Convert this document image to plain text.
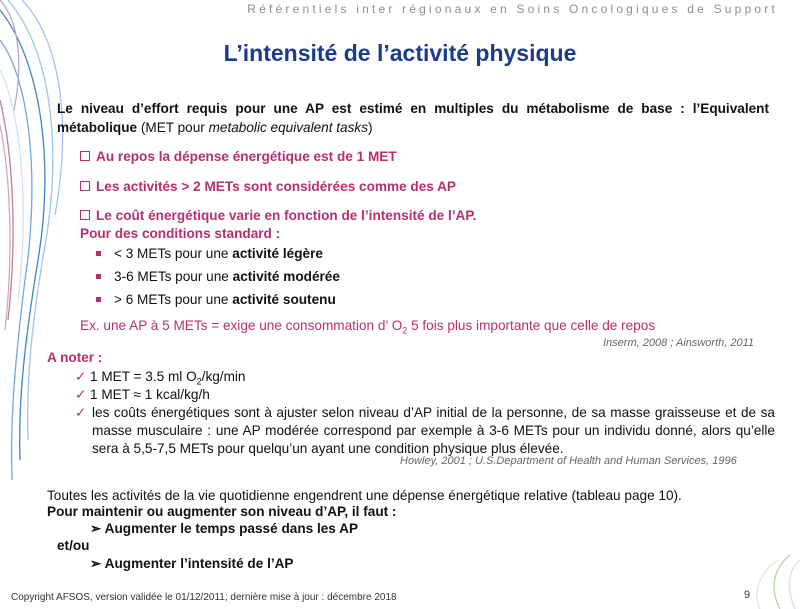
Référentiels inter régionaux en Soins Oncologiques de Support
L’intensité de l’activité physique
Le niveau d’effort requis pour une AP est estimé en multiples du métabolisme de base : l’Equivalent métabolique (MET pour metabolic equivalent tasks)
Au repos la dépense énergétique est de 1 MET
Les activités > 2 METs sont considérées comme des AP
Le coût énergétique varie en fonction de l’intensité de l’AP.
Pour des conditions standard :
< 3 METs pour une activité légère
3-6 METs pour une activité modérée
> 6 METs pour une activité soutenu
Ex. une AP à 5 METs = exige une consommation d’ $O_2$ 5 fois plus importante que celle de repos
Inserm, 2008 ; Ainsworth, 2011
A noter :
✓ 1 MET = 3.5 ml $O_2/kg/\min$
✓ 1 MET ≈ 1 kcal/kg/h
✓ les coûts énergétiques sont à ajuster selon niveau d’AP initial de la personne, de sa masse graisseuse et de sa masse musculaire : une AP modérée correspond par exemple à 3-6 METs pour un individu donné, alors qu’elle sera à 5,5-7,5 METs pour quelqu’un ayant une condition physique plus élevée.
Howley, 2001 ; U.S.Department of Health and Human Services, 1996
Toutes les activités de la vie quotidienne engendrent une dépense énergétique relative (tableau page 10).
Pour maintenir ou augmenter son niveau d’AP, il faut :
➢ Augmenter le temps passé dans les AP
et/ou
➢ Augmenter l’intensité de l’AP
Copyright AFSOS, version validée le 01/12/2011; dernière mise à jour : décembre 2018	9
